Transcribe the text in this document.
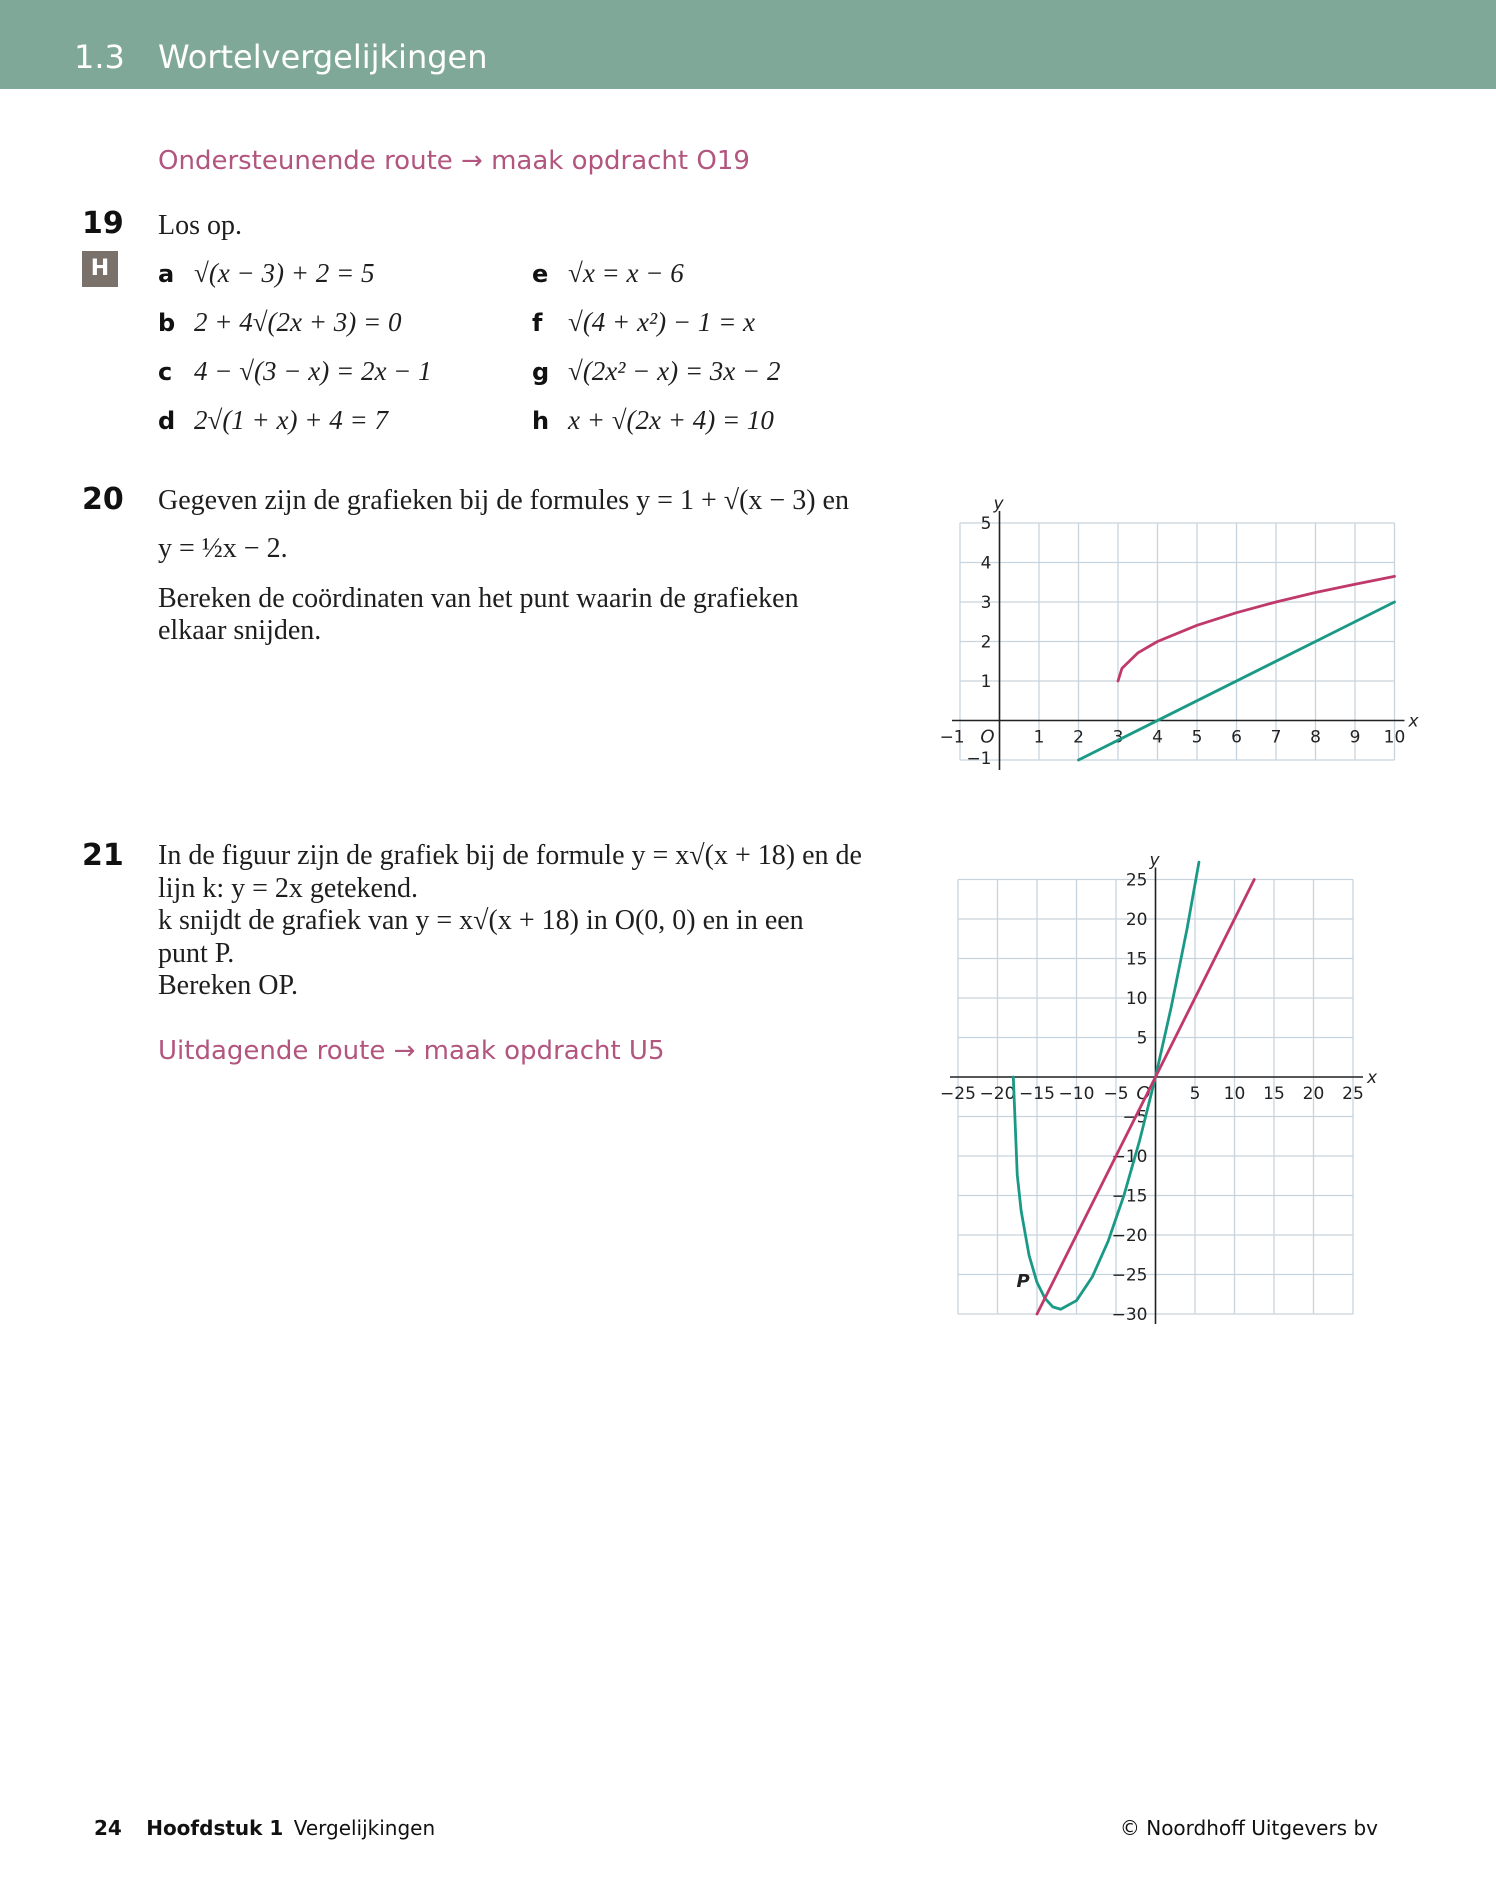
1.3 Wortelvergelijkingen
Ondersteunende route → maak opdracht O19
19
H
Los op.
a √(x − 3) + 2 = 5
b 2 + 4√(2x + 3) = 0
c 4 − √(3 − x) = 2x − 1
d 2√(1 + x) + 4 = 7
e √x = x − 6
f √(4 + x²) − 1 = x
g √(2x² − x) = 3x − 2
h x + √(2x + 4) = 10
20 Gegeven zijn de grafieken bij de formules y = 1 + √(x − 3) en
y = ½x − 2.
Bereken de coördinaten van het punt waarin de grafieken
elkaar snijden.
x
y
O
−1	1 2 3 4 5 6 7 8 9 10
−1
1
2
3
4
5
21 In de figuur zijn de grafiek bij de formule y = x√(x + 18) en de
lijn k: y = 2x getekend.
k snijdt de grafiek van y = x√(x + 18) in O(0, 0) en in een
punt P.
Bereken OP.
Uitdagende route → maak opdracht U5
x
y
O
−25 −20 −15 −10 −5	5 10 15 20 25
25
20
15
10
5
−5
−10
−15
−20
−25
−30
P
24 Hoofdstuk 1 Vergelijkingen	© Noordhoff Uitgevers bv
